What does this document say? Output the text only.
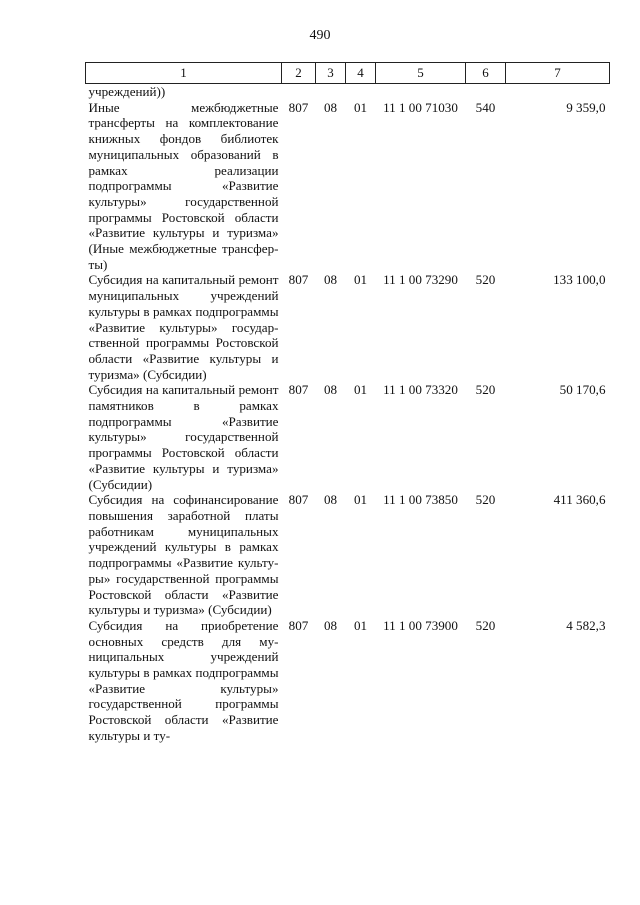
490
1	2	3	4	5	6	7
учреждений))						
Иные межбюджетные трансферты на комплектование книжных фондов библиотек муниципальных образований в рамках реализации подпрограммы «Развитие культуры» государственной программы Ростовской области «Развитие культуры и туризма» (Иные межбюджетные трансферты)	807	08	01	11 1 00 71030	540	9 359,0
Субсидия на капитальный ремонт муниципальных учреждений культуры в рамках подпрограммы «Развитие культуры» государственной программы Ростовской области «Развитие культуры и туризма» (Субсидии)	807	08	01	11 1 00 73290	520	133 100,0
Субсидия на капитальный ремонт памятников в рамках подпрограммы «Развитие культуры» государственной программы Ростовской области «Развитие культуры и туризма» (Субсидии)	807	08	01	11 1 00 73320	520	50 170,6
Субсидия на софинансирование повышения заработной платы работникам муниципальных учреждений культуры в рамках подпрограммы «Развитие культуры» государственной программы Ростовской области «Развитие культуры и туризма» (Субсидии)	807	08	01	11 1 00 73850	520	411 360,6
Субсидия на приобретение основных средств для муниципальных учреждений культуры в рамках подпрограммы «Развитие культуры» государственной программы Ростовской области «Развитие культуры и ту-	807	08	01	11 1 00 73900	520	4 582,3
